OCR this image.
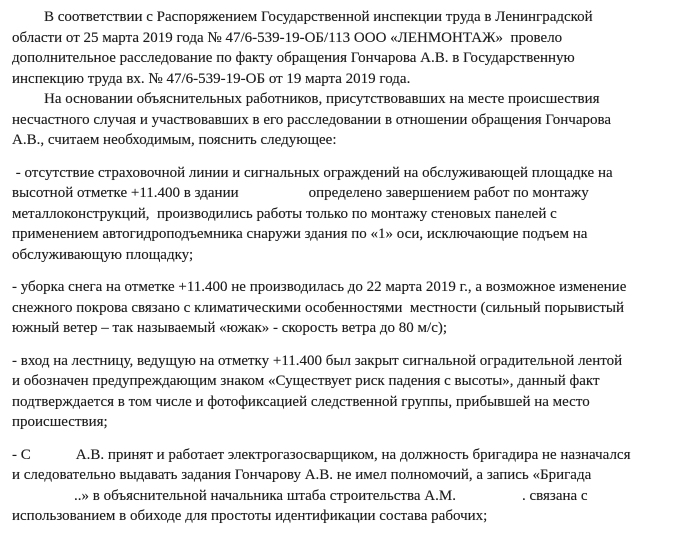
В соответствии с Распоряжением Государственной инспекции труда в Ленинградской
области от 25 марта 2019 года № 47/6-539-19-ОБ/113 ООО «ЛЕНМОНТАЖ»  провело
дополнительное расследование по факту обращения Гончарова А.В. в Государственную
инспекцию труда вх. № 47/6-539-19-ОБ от 19 марта 2019 года.

На основании объяснительных работников, присутствовавших на месте происшествия
несчастного случая и участвовавших в его расследовании в отношении обращения Гончарова
А.В., считаем необходимым, пояснить следующее:

- отсутствие страховочной линии и сигнальных ограждений на обслуживающей площадке на
высотной отметке +11.400 в здании	определено завершением работ по монтажу
металлоконструкций,  производились работы только по монтажу стеновых панелей с
применением автогидроподъемника снаружи здания по «1» оси, исключающие подъем на
обслуживающую площадку;

- уборка снега на отметке +11.400 не производилась до 22 марта 2019 г., а возможное изменение
снежного покрова связано с климатическими особенностями  местности (сильный порывистый
южный ветер – так называемый «южак» - скорость ветра до 80 м/с);

- вход на лестницу, ведущую на отметку +11.400 был закрыт сигнальной оградительной лентой
и обозначен предупреждающим знаком «Существует риск падения с высоты», данный факт
подтверждается в том числе и фотофиксацией следственной группы, прибывшей на место
происшествия;

- С	А.В. принят и работает электрогазосварщиком, на должность бригадира не назначался
и следовательно выдавать задания Гончарову А.В. не имел полномочий, а запись «Бригада
..» в объяснительной начальника штаба строительства А.М.	. связана с
использованием в обиходе для простоты идентификации состава рабочих;
